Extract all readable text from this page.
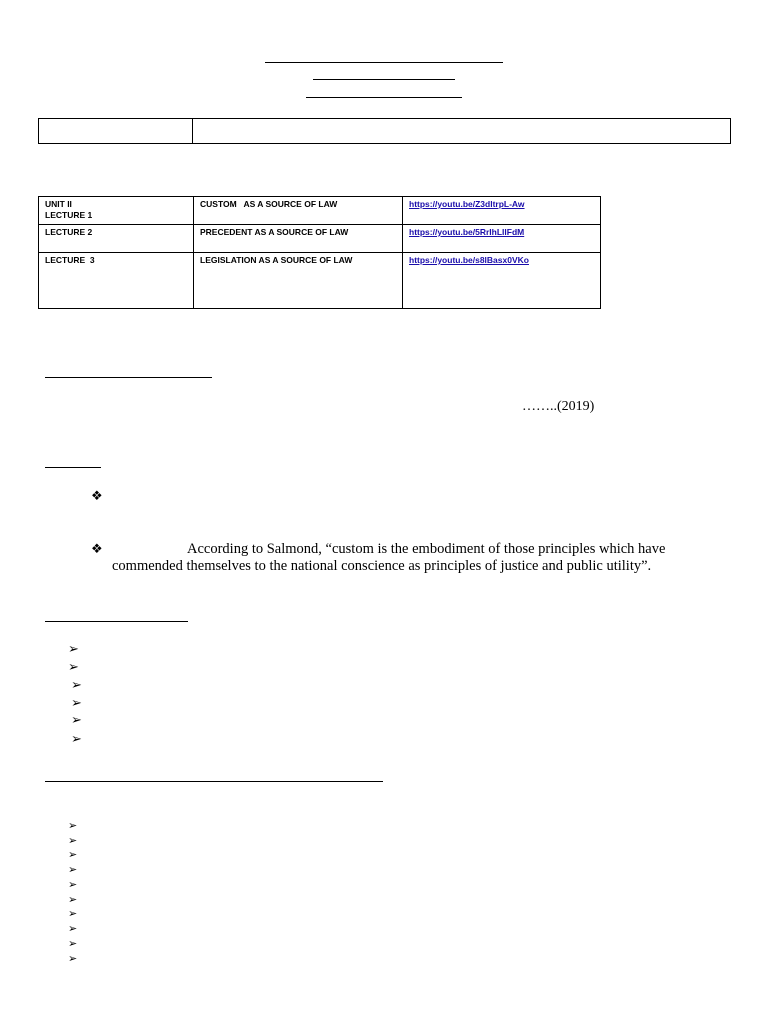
UNIT II
LECTURE 1	CUSTOM   AS A SOURCE OF LAW	https://youtu.be/Z3dltrpL-Aw

LECTURE 2	PRECEDENT AS A SOURCE OF LAW	https://youtu.be/5RrIhLIlFdM

LECTURE  3	LEGISLATION AS A SOURCE OF LAW	https://youtu.be/s8lBasx0VKo
……..(2019)
❖
❖	According to Salmond, “custom is the embodiment of those principles which have commended themselves to the national conscience as principles of justice and public utility”.
➢
➢
➢
➢
➢
➢
➢
➢
➢
➢
➢
➢
➢
➢
➢
➢
